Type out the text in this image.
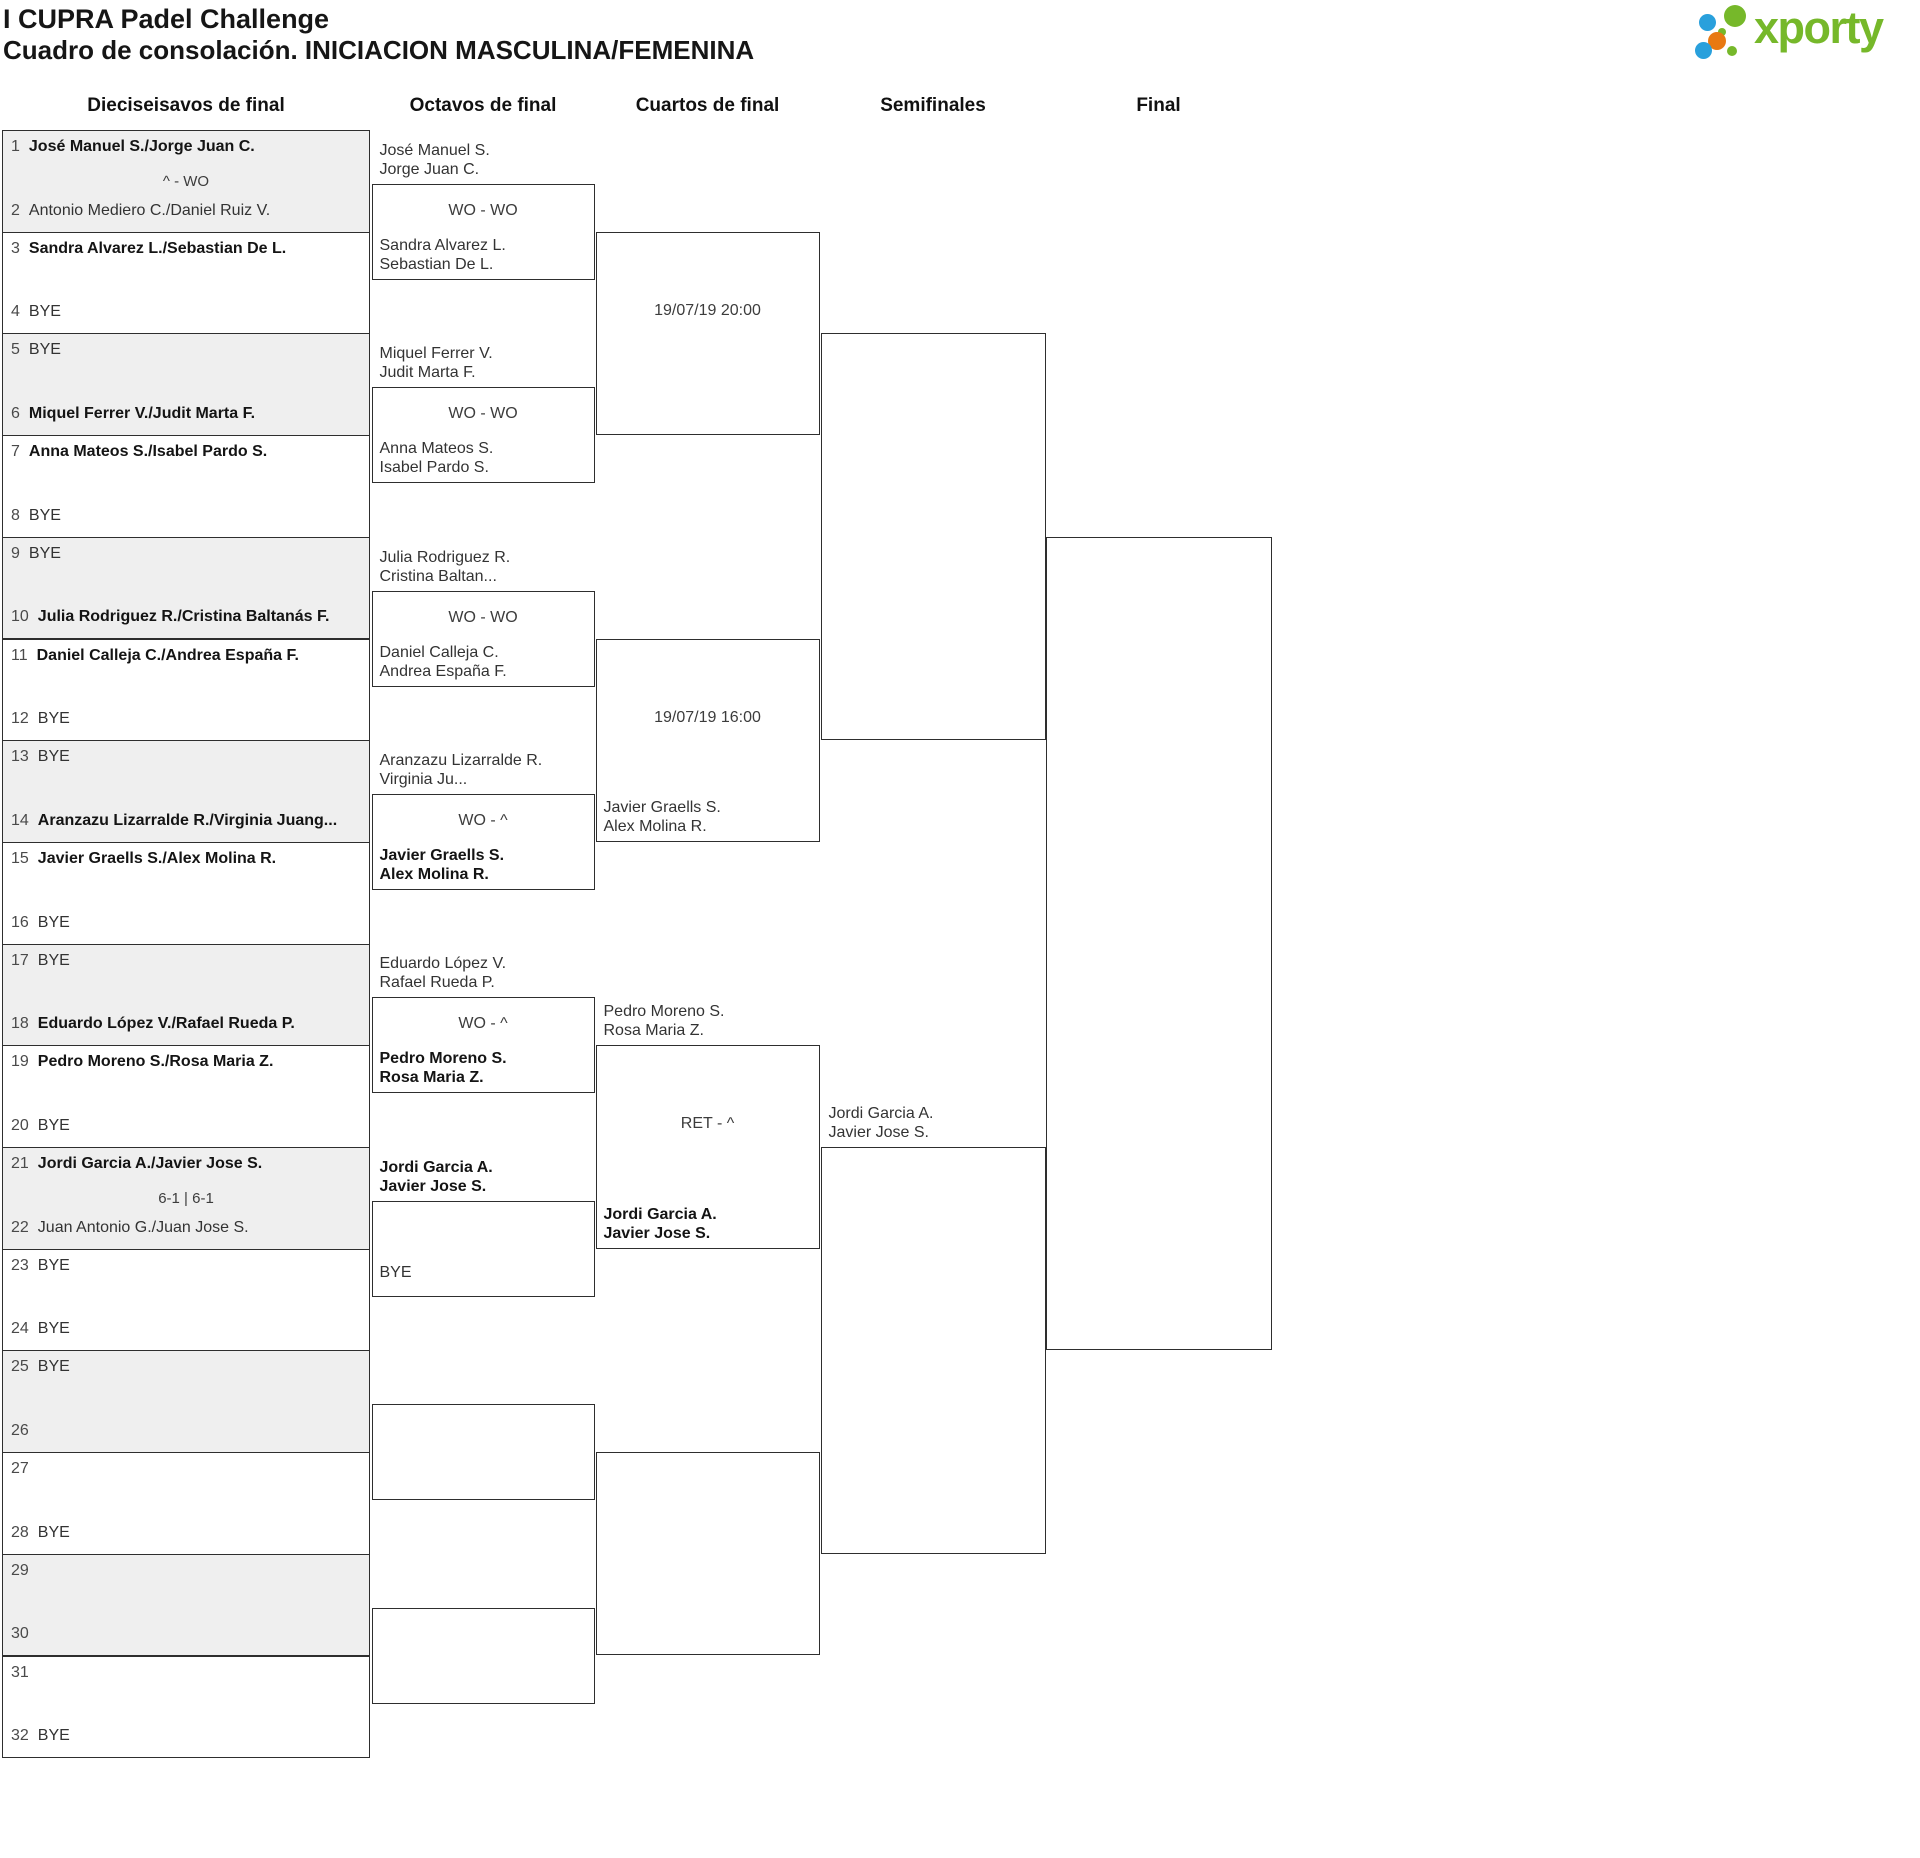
I CUPRA Padel Challenge
Cuadro de consolación. INICIACION MASCULINA/FEMENINA	xporty
Dieciseisavos de final	Octavos de final	Cuartos de final	Semifinales	Final
1 José Manuel S./Jorge Juan C.
^ - WO
2 Antonio Mediero C./Daniel Ruiz V.
3 Sandra Alvarez L./Sebastian De L.
4 BYE
5 BYE
6 Miquel Ferrer V./Judit Marta F.
7 Anna Mateos S./Isabel Pardo S.
8 BYE
9 BYE
10 Julia Rodriguez R./Cristina Baltanás F.
11 Daniel Calleja C./Andrea España F.
12 BYE
13 BYE
14 Aranzazu Lizarralde R./Virginia Juang...
15 Javier Graells S./Alex Molina R.
16 BYE
17 BYE
18 Eduardo López V./Rafael Rueda P.
19 Pedro Moreno S./Rosa Maria Z.
20 BYE
21 Jordi Garcia A./Javier Jose S.
6-1 | 6-1
22 Juan Antonio G./Juan Jose S.
23 BYE
24 BYE
25 BYE
26
27
28 BYE
29
30
31
32 BYE
José Manuel S.
Jorge Juan C.
WO - WO
Sandra Alvarez L.
Sebastian De L.
Miquel Ferrer V.
Judit Marta F.
WO - WO
Anna Mateos S.
Isabel Pardo S.
Julia Rodriguez R.
Cristina Baltan...
WO - WO
Daniel Calleja C.
Andrea España F.
Aranzazu Lizarralde R.
Virginia Ju...
WO - ^
Javier Graells S.
Alex Molina R.
Eduardo López V.
Rafael Rueda P.
WO - ^
Pedro Moreno S.
Rosa Maria Z.
Jordi Garcia A.
Javier Jose S.
BYE
19/07/19 20:00
19/07/19 16:00
Javier Graells S.
Alex Molina R.
Pedro Moreno S.
Rosa Maria Z.
RET - ^
Jordi Garcia A.
Javier Jose S.
Jordi Garcia A.
Javier Jose S.
